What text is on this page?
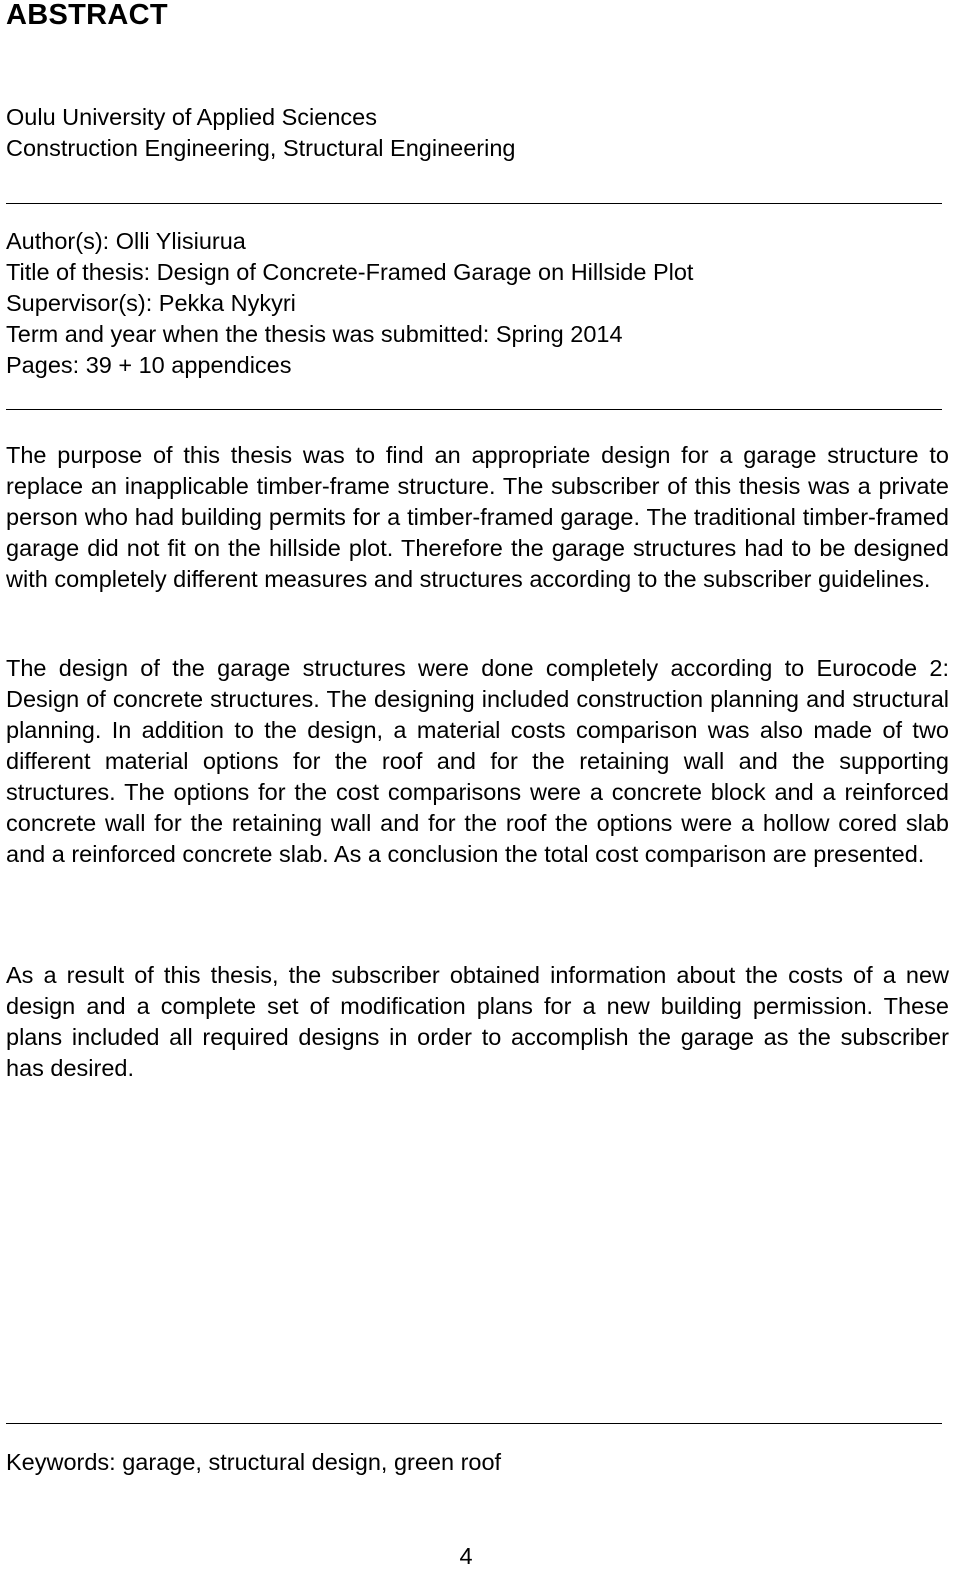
ABSTRACT
Oulu University of Applied Sciences
Construction Engineering, Structural Engineering
Author(s): Olli Ylisiurua
Title of thesis: Design of Concrete-Framed Garage on Hillside Plot
Supervisor(s): Pekka Nykyri
Term and year when the thesis was submitted: Spring 2014
Pages: 39 + 10 appendices

The purpose of this thesis was to find an appropriate design for a garage structure to replace an inapplicable timber-frame structure. The subscriber of this thesis was a private person who had building permits for a timber-framed garage. The traditional timber-framed garage did not fit on the hillside plot. Therefore the garage structures had to be designed with completely different measures and structures according to the subscriber guidelines.

The design of the garage structures were done completely according to Eurocode 2: Design of concrete structures. The designing included construction planning and structural planning. In addition to the design, a material costs comparison was also made of two different material options for the roof and for the retaining wall and the supporting structures. The options for the cost comparisons were a concrete block and a reinforced concrete wall for the retaining wall and for the roof the options were a hollow cored slab and a reinforced concrete slab. As a conclusion the total cost comparison are presented.

As a result of this thesis, the subscriber obtained information about the costs of a new design and a complete set of modification plans for a new building permission. These plans included all required designs in order to accomplish the garage as the subscriber has desired.

Keywords: garage, structural design, green roof

4
